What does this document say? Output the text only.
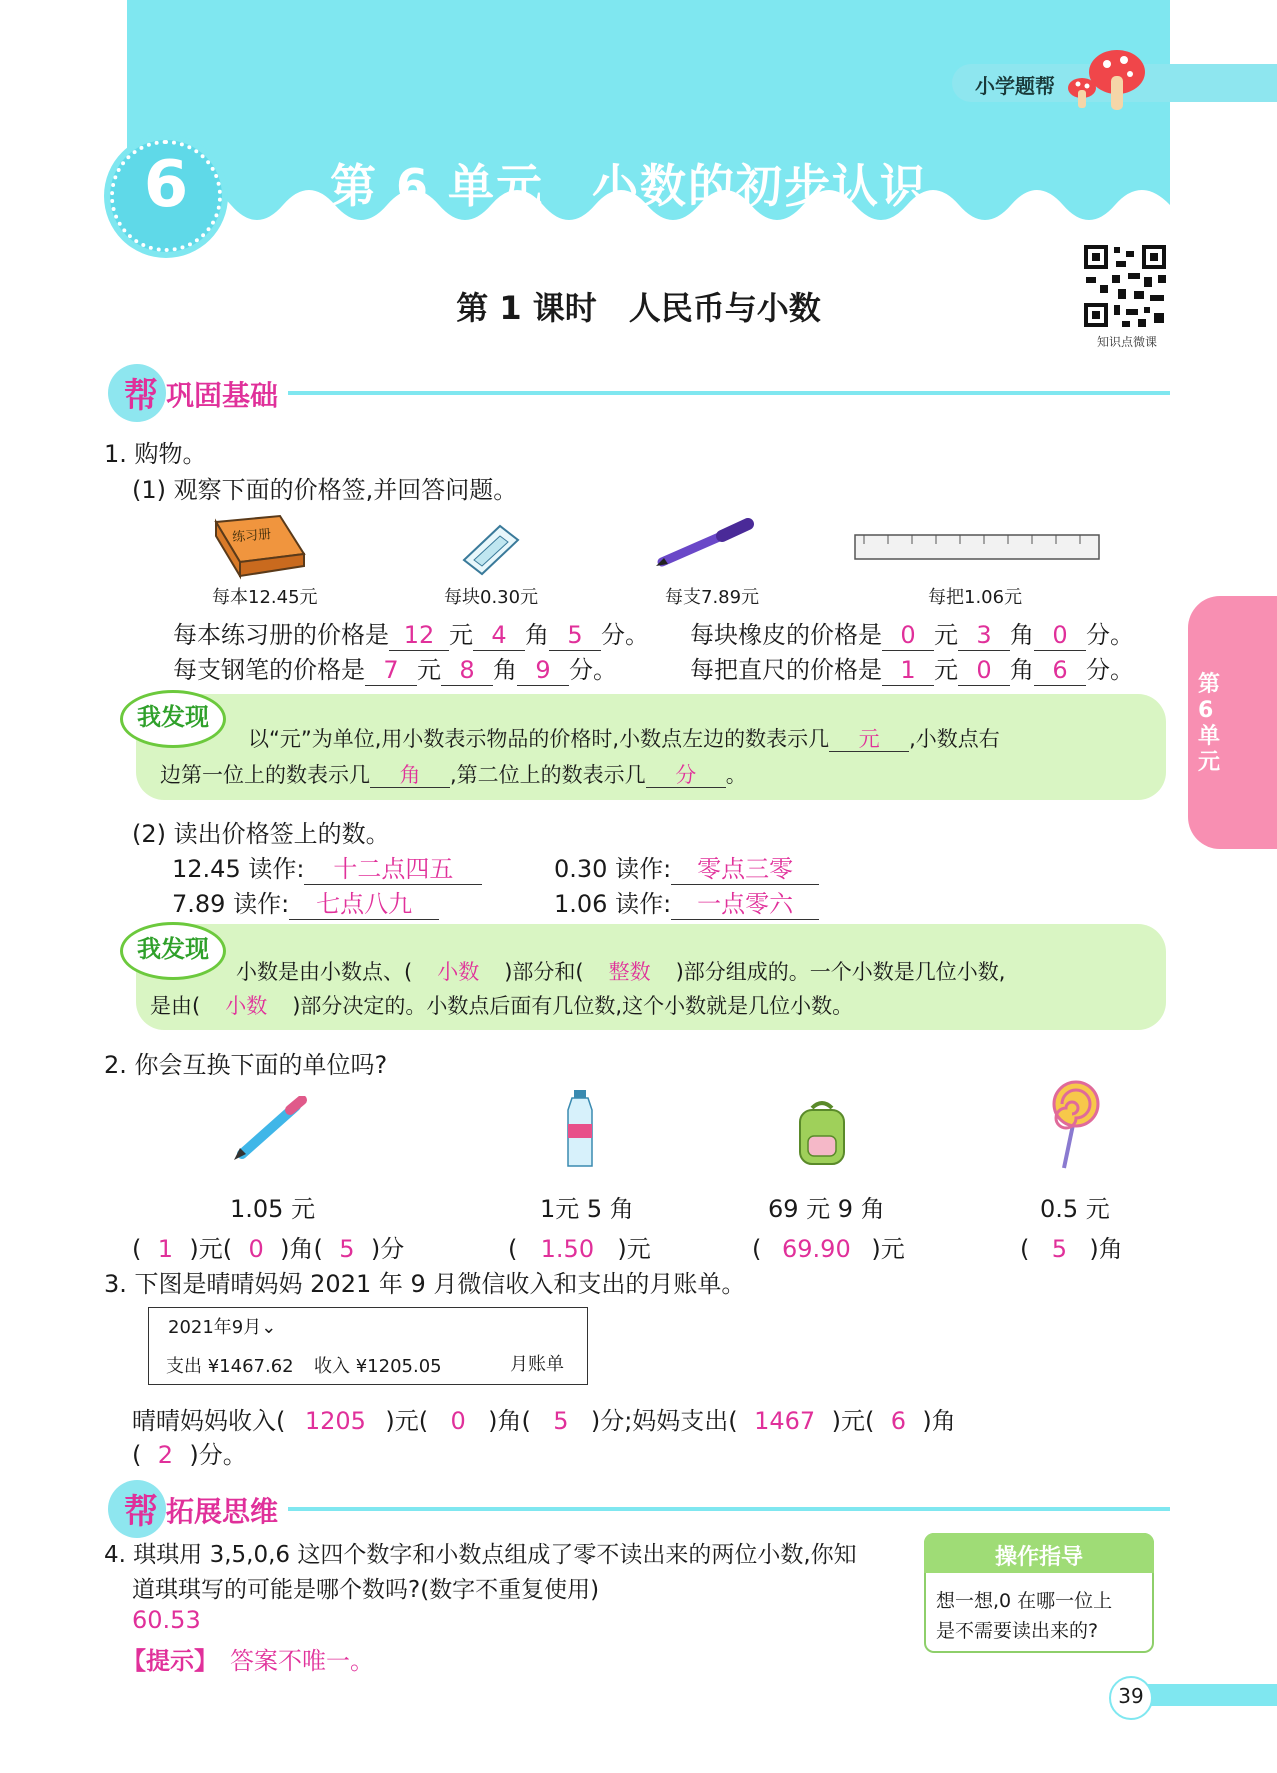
小学题帮
6	第 6 单元　小数的初步认识
第 1 课时　人民币与小数
知识点微课
第6单元
帮 巩固基础
1. 购物。
(1) 观察下面的价格签,并回答问题。
练习册
每本12.45元	每块0.30元	每支7.89元	每把1.06元
每本练习册的价格是 12 元 4 角 5 分。 每块橡皮的价格是 0 元 3 角 0 分。
每支钢笔的价格是 7 元 8 角 9 分。	每把直尺的价格是 1 元 0 角 6 分。
我发现
以“元”为单位,用小数表示物品的价格时,小数点左边的数表示几 元 ,小数点右
边第一位上的数表示几 角 ,第二位上的数表示几 分 。
(2) 读出价格签上的数。
12.45 读作: 十二点四五	0.30 读作: 零点三零
7.89 读作: 七点八九	1.06 读作: 一点零六
我发现
小数是由小数点、( 小数 )部分和( 整数 )部分组成的。一个小数是几位小数,
是由( 小数 )部分决定的。小数点后面有几位数,这个小数就是几位小数。
2. 你会互换下面的单位吗?
1.05 元	1元 5 角	69 元 9 角	0.5 元
( 1 )元( 0 )角( 5 )分	( 1.50 )元	( 69.90 )元	( 5 )角
3. 下图是晴晴妈妈 2021 年 9 月微信收入和支出的月账单。
2021年9月⌄
支出 ¥1467.62 收入 ¥1205.05	月账单
晴晴妈妈收入( 1205 )元( 0 )角( 5 )分;妈妈支出( 1467 )元( 6 )角
( 2 )分。
帮 拓展思维
4. 琪琪用 3,5,0,6 这四个数字和小数点组成了零不读出来的两位小数,你知
道琪琪写的可能是哪个数吗?(数字不重复使用)
60.53
【提示】 答案不唯一。
操作指导
想一想,0 在哪一位上
是不需要读出来的?
39
